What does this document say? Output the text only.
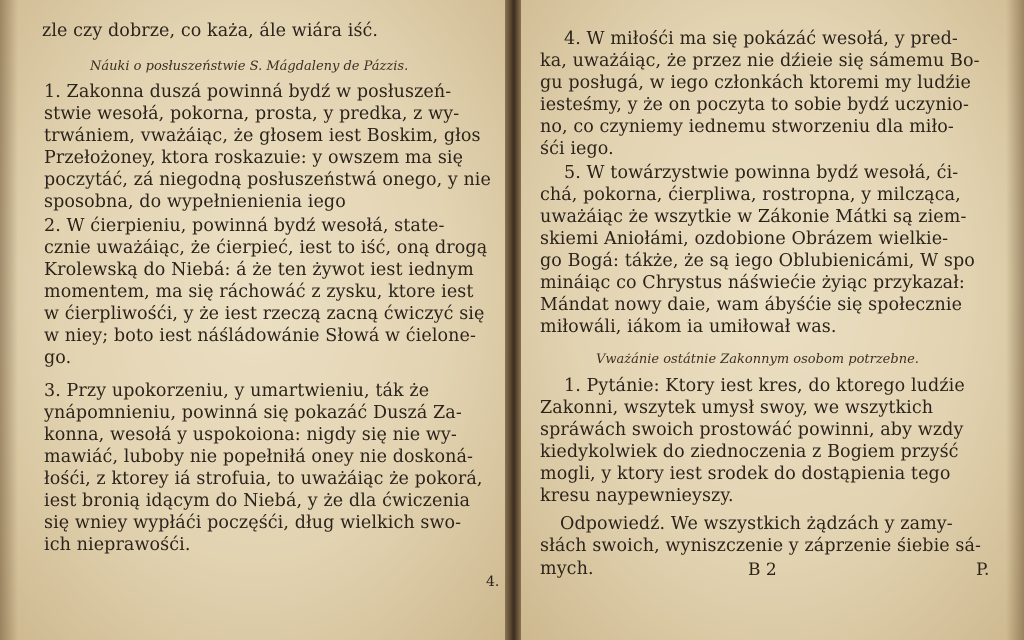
zle czy dobrze, co każa, ále wiára iść.
Náuki o posłuszeństwie S. Mágdaleny de Pázzis.
1. Zakonna duszá powinná bydź w posłuszeń-
stwie wesołá, pokorna, prosta, y predka, z wy-
trwániem, vważáiąc, że głosem iest Boskim, głos
Przełożoney, ktora roskazuie: y owszem ma się
poczytáć, zá niegodną posłuszeństwá onego, y nie
sposobna, do wypełnienienia iego
2. W ćierpieniu, powinná bydź wesołá, state-
cznie uważáiąc, że ćierpieć, iest to iść, oną drogą
Krolewską do Niebá: á że ten żywot iest iednym
momentem, ma się ráchowáć z zysku, ktore iest
w ćierpliwośći, y że iest rzeczą zacną ćwiczyć się
w niey; boto iest náśládowánie Słowá w ćielone-
go.
3. Przy upokorzeniu, y umartwieniu, ták że
ynápomnieniu, powinná się pokazáć Duszá Za-
konna, wesołá y uspokoiona: nigdy się nie wy-
mawiáć, luboby nie popełniłá oney nie doskoná-
łośći, z ktorey iá strofuia, to uważáiąc że pokorá,
iest bronią idącym do Niebá, y że dla ćwiczenia
się wniey wypłáći poczęśći, dług wielkich swo-
ich nieprawośći.
4.
4. W miłośći ma się pokázáć wesołá, y pred-
ka, uważáiąc, że przez nie dźieie się sámemu Bo-
gu posługá, w iego członkách ktoremi my ludźie
iesteśmy, y że on poczyta to sobie bydź uczynio-
no, co czyniemy iednemu stworzeniu dla miło-
śći iego.
5. W towárzystwie powinna bydź wesołá, ći-
chá, pokorna, ćierpliwa, rostropna, y milcząca,
uważáiąc że wszytkie w Zákonie Mátki są ziem-
skiemi Aniołámi, ozdobione Obrázem wielkie-
go Bogá: tákże, że są iego Oblubienicámi, W spo
mináiąc co Chrystus náświećie żyiąc przykazał:
Mándat nowy daie, wam ábyśćie się społecznie
miłowáli, iákom ia umiłował was.
Vważánie ostátnie Zakonnym osobom potrzebne.
1. Pytánie: Ktory iest kres, do ktorego ludźie
Zakonni, wszytek umysł swoy, we wszytkich
spráwách swoich prostowáć powinni, aby wzdy
kiedykolwiek do ziednoczenia z Bogiem przyść
mogli, y ktory iest srodek do dostąpienia tego
kresu naypewnieyszy.
Odpowiedź. We wszystkich żądzách y zamy-
słách swoich, wyniszczenie y záprzenie śiebie sá-
mych.	B 2	P.
